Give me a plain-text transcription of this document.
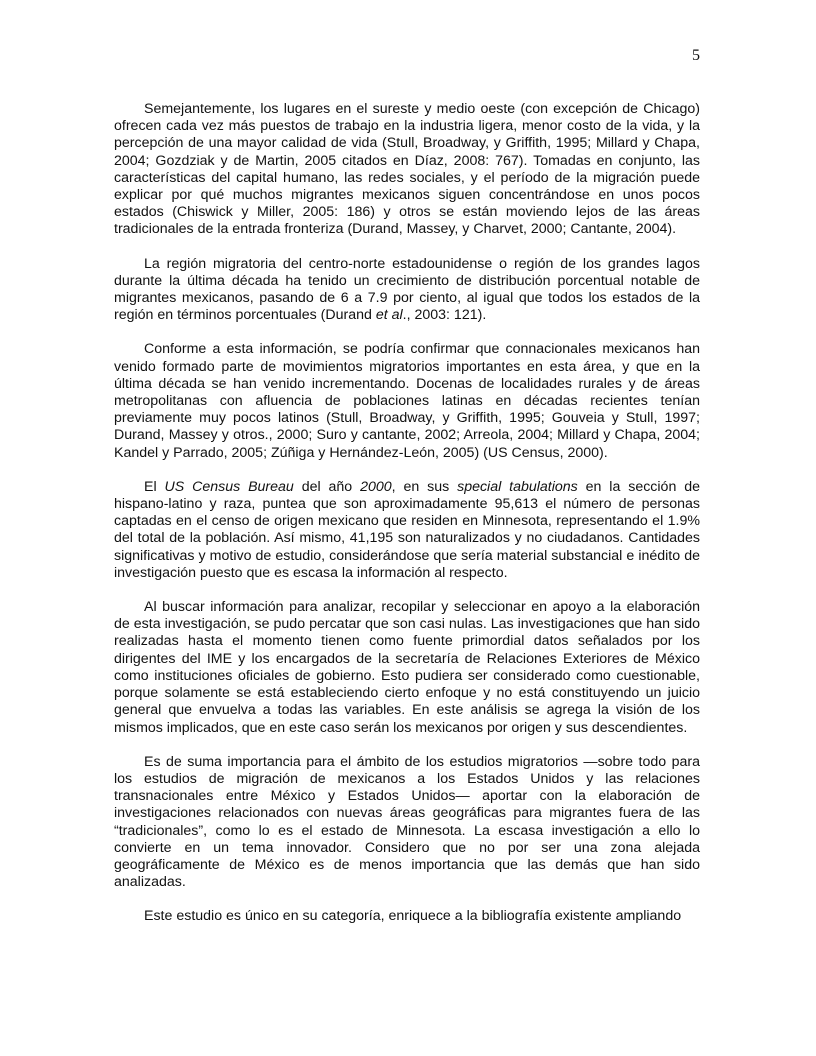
5

Semejantemente, los lugares en el sureste y medio oeste (con excepción de Chicago) ofrecen cada vez más puestos de trabajo en la industria ligera, menor costo de la vida, y la percepción de una mayor calidad de vida (Stull, Broadway, y Griffith, 1995; Millard y Chapa, 2004; Gozdziak y de Martin, 2005 citados en Díaz, 2008: 767). Tomadas en conjunto, las características del capital humano, las redes sociales, y el período de la migración puede explicar por qué muchos migrantes mexicanos siguen concentrándose en unos pocos estados (Chiswick y Miller, 2005: 186) y otros se están moviendo lejos de las áreas tradicionales de la entrada fronteriza (Durand, Massey, y Charvet, 2000; Cantante, 2004).

La región migratoria del centro-norte estadounidense o región de los grandes lagos durante la última década ha tenido un crecimiento de distribución porcentual notable de migrantes mexicanos, pasando de 6 a 7.9 por ciento, al igual que todos los estados de la región en términos porcentuales (Durand et al., 2003: 121).

Conforme a esta información, se podría confirmar que connacionales mexicanos han venido formado parte de movimientos migratorios importantes en esta área, y que en la última década se han venido incrementando. Docenas de localidades rurales y de áreas metropolitanas con afluencia de poblaciones latinas en décadas recientes tenían previamente muy pocos latinos (Stull, Broadway, y Griffith, 1995; Gouveia y Stull, 1997; Durand, Massey y otros., 2000; Suro y cantante, 2002; Arreola, 2004; Millard y Chapa, 2004; Kandel y Parrado, 2005; Zúñiga y Hernández-León, 2005) (US Census, 2000).

El US Census Bureau del año 2000, en sus special tabulations en la sección de hispano-latino y raza, puntea que son aproximadamente 95,613 el número de personas captadas en el censo de origen mexicano que residen en Minnesota, representando el 1.9% del total de la población. Así mismo, 41,195 son naturalizados y no ciudadanos. Cantidades significativas y motivo de estudio, considerándose que sería material substancial e inédito de investigación puesto que es escasa la información al respecto.

Al buscar información para analizar, recopilar y seleccionar en apoyo a la elaboración de esta investigación, se pudo percatar que son casi nulas. Las investigaciones que han sido realizadas hasta el momento tienen como fuente primordial datos señalados por los dirigentes del IME y los encargados de la secretaría de Relaciones Exteriores de México como instituciones oficiales de gobierno. Esto pudiera ser considerado como cuestionable, porque solamente se está estableciendo cierto enfoque y no está constituyendo un juicio general que envuelva a todas las variables. En este análisis se agrega la visión de los mismos implicados, que en este caso serán los mexicanos por origen y sus descendientes.

Es de suma importancia para el ámbito de los estudios migratorios —sobre todo para los estudios de migración de mexicanos a los Estados Unidos y las relaciones transnacionales entre México y Estados Unidos— aportar con la elaboración de investigaciones relacionados con nuevas áreas geográficas para migrantes fuera de las “tradicionales”, como lo es el estado de Minnesota. La escasa investigación a ello lo convierte en un tema innovador. Considero que no por ser una zona alejada geográficamente de México es de menos importancia que las demás que han sido analizadas.

Este estudio es único en su categoría, enriquece a la bibliografía existente ampliando
